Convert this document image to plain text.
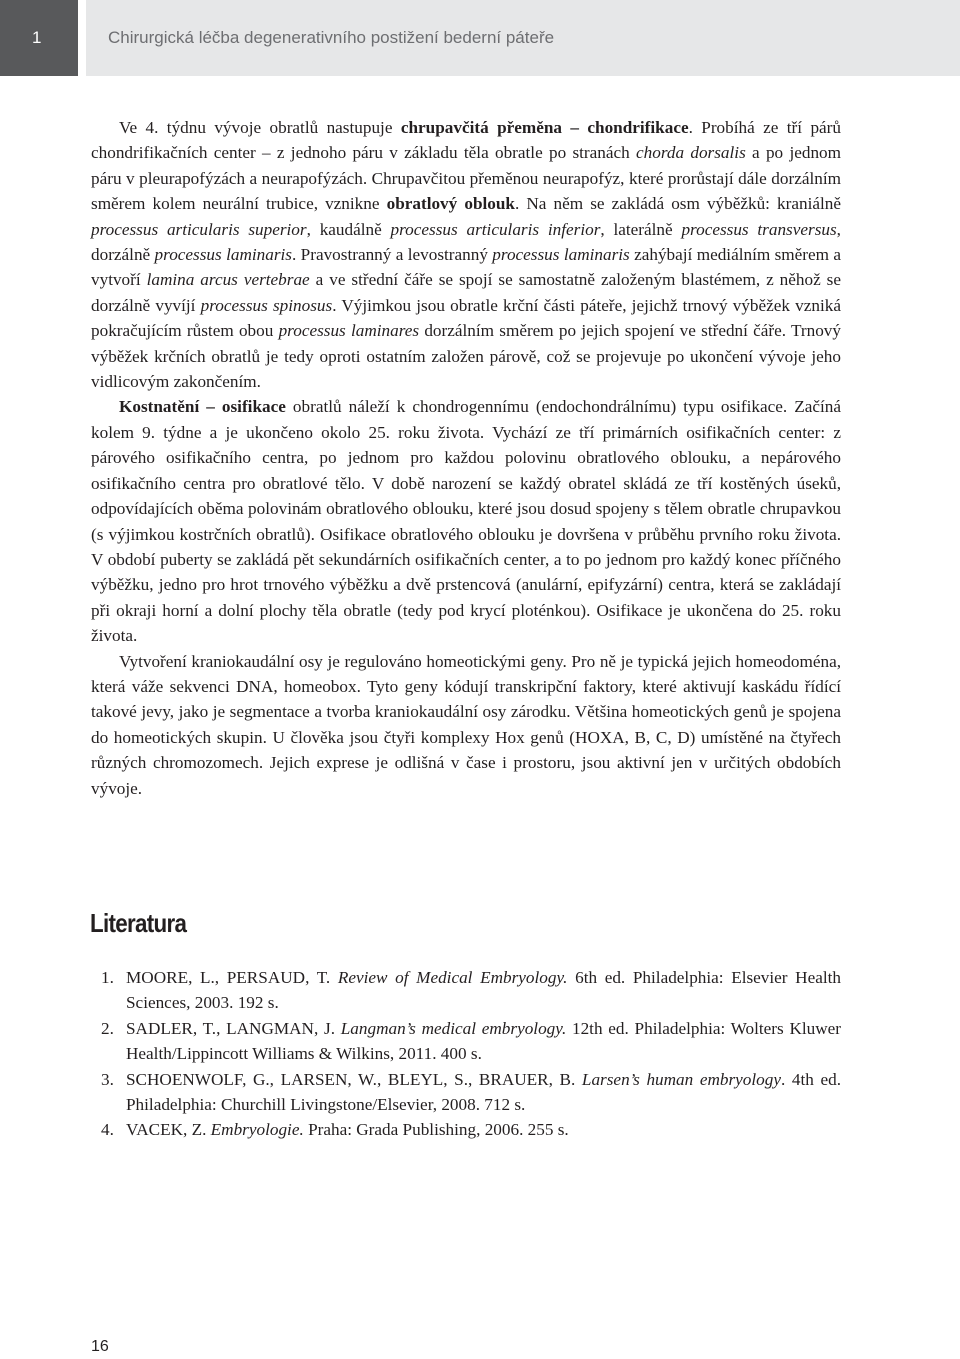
1	Chirurgická léčba degenerativního postižení bederní páteře

Ve 4. týdnu vývoje obratlů nastupuje chrupavčitá přeměna – chondrifikace. Probíhá ze tří párů chondrifikačních center – z jednoho páru v základu těla obratle po stranách chorda dorsalis a po jednom páru v pleurapofýzách a neurapofýzách. Chrupavčitou přeměnou neurapofýz, které prorůstají dále dorzálním směrem kolem neurální trubice, vznikne obratlový oblouk. Na něm se zakládá osm výběžků: kraniálně processus articularis superior, kaudálně processus articularis inferior, laterálně processus transversus, dorzálně processus laminaris. Pravostranný a levostranný processus laminaris zahýbají mediálním směrem a vytvoří lamina arcus vertebrae a ve střední čáře se spojí se samostatně založeným blastémem, z něhož se dorzálně vyvíjí processus spinosus. Výjimkou jsou obratle krční části páteře, jejichž trnový výběžek vzniká pokračujícím růstem obou processus laminares dorzálním směrem po jejich spojení ve střední čáře. Trnový výběžek krčních obratlů je tedy oproti ostatním založen párově, což se projevuje po ukončení vývoje jeho vidlicovým zakončením.

Kostnatění – osifikace obratlů náleží k chondrogennímu (endochondrálnímu) typu osifikace. Začíná kolem 9. týdne a je ukončeno okolo 25. roku života. Vychází ze tří primárních osifikačních center: z párového osifikačního centra, po jednom pro každou polovinu obratlového oblouku, a nepárového osifikačního centra pro obratlové tělo. V době narození se každý obratel skládá ze tří kostěných úseků, odpovídajících oběma polovinám obratlového oblouku, které jsou dosud spojeny s tělem obratle chrupavkou (s výjimkou kostrčních obratlů). Osifikace obratlového oblouku je dovršena v průběhu prvního roku života. V období puberty se zakládá pět sekundárních osifikačních center, a to po jednom pro každý konec příčného výběžku, jedno pro hrot trnového výběžku a dvě prstencová (anulární, epifyzární) centra, která se zakládají při okraji horní a dolní plochy těla obratle (tedy pod krycí ploténkou). Osifikace je ukončena do 25. roku života.

Vytvoření kraniokaudální osy je regulováno homeotickými geny. Pro ně je typická jejich homeodoména, která váže sekvenci DNA, homeobox. Tyto geny kódují transkripční faktory, které aktivují kaskádu řídící takové jevy, jako je segmentace a tvorba kraniokaudální osy zárodku. Většina homeotických genů je spojena do homeotických skupin. U člověka jsou čtyři komplexy Hox genů (HOXA, B, C, D) umístěné na čtyřech různých chromozomech. Jejich exprese je odlišná v čase i prostoru, jsou aktivní jen v určitých obdobích vývoje.

Literatura
1. MOORE, L., PERSAUD, T. Review of Medical Embryology. 6th ed. Philadelphia: Elsevier Health Sciences, 2003. 192 s.
2. SADLER, T., LANGMAN, J. Langman’s medical embryology. 12th ed. Philadelphia: Wolters Kluwer Health/Lippincott Williams & Wilkins, 2011. 400 s.
3. SCHOENWOLF, G., LARSEN, W., BLEYL, S., BRAUER, B. Larsen’s human embryology. 4th ed. Philadelphia: Churchill Livingstone/Elsevier, 2008. 712 s.
4. VACEK, Z. Embryologie. Praha: Grada Publishing, 2006. 255 s.
16
